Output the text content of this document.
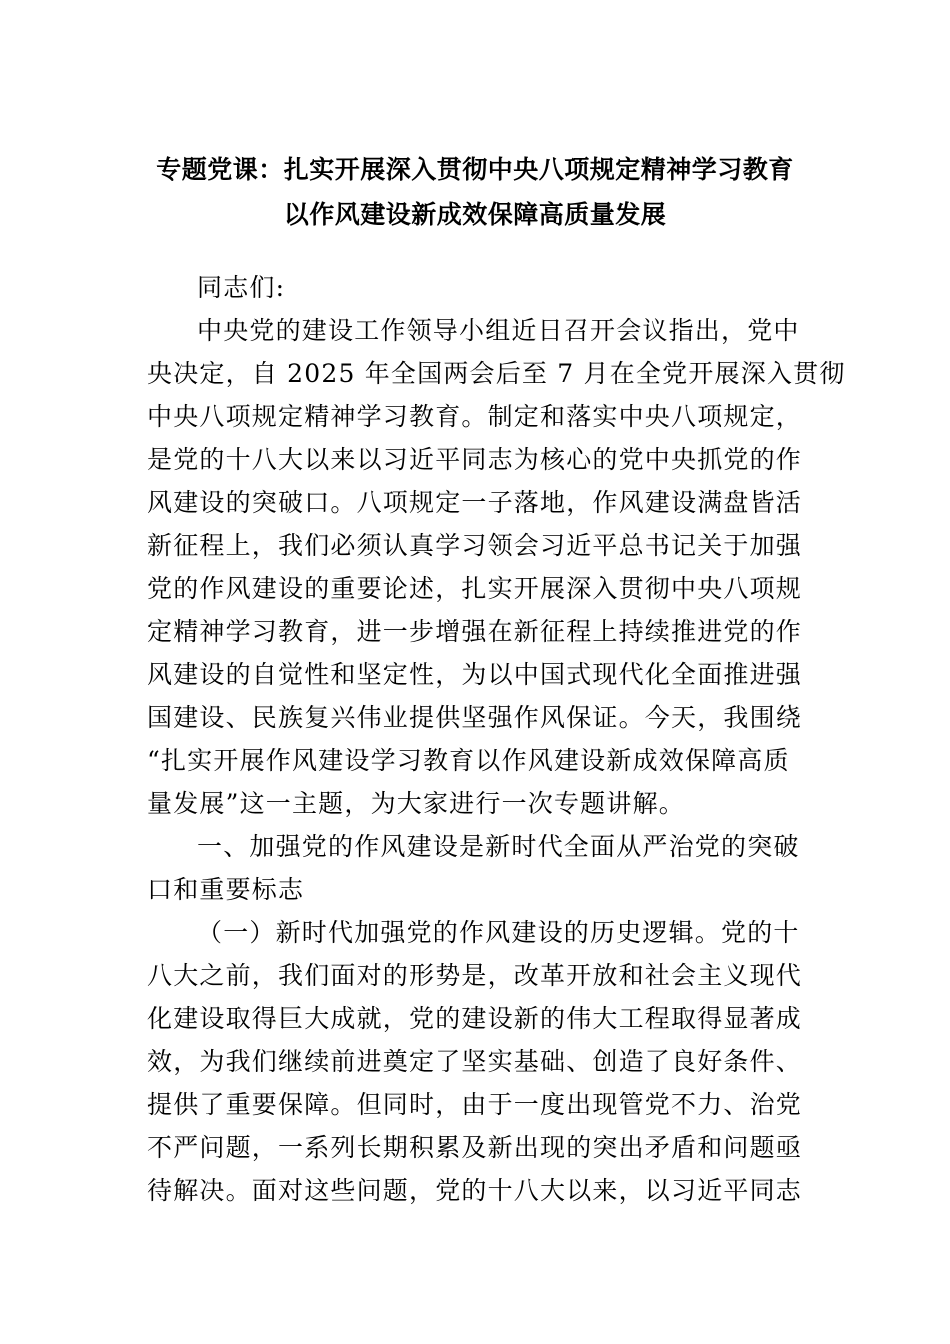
专题党课：扎实开展深入贯彻中央八项规定精神学习教育
以作风建设新成效保障高质量发展
同志们:
中央党的建设工作领导小组近日召开会议指出，党中
央决定，自 2025 年全国两会后至 7 月在全党开展深入贯彻
中央八项规定精神学习教育。制定和落实中央八项规定，
是党的十八大以来以习近平同志为核心的党中央抓党的作
风建设的突破口。八项规定一子落地，作风建设满盘皆活
新征程上，我们必须认真学习领会习近平总书记关于加强
党的作风建设的重要论述，扎实开展深入贯彻中央八项规
定精神学习教育，进一步增强在新征程上持续推进党的作
风建设的自觉性和坚定性，为以中国式现代化全面推进强
国建设、民族复兴伟业提供坚强作风保证。今天，我围绕
“扎实开展作风建设学习教育以作风建设新成效保障高质
量发展”这一主题，为大家进行一次专题讲解。
一、加强党的作风建设是新时代全面从严治党的突破
口和重要标志
（一）新时代加强党的作风建设的历史逻辑。党的十
八大之前，我们面对的形势是，改革开放和社会主义现代
化建设取得巨大成就，党的建设新的伟大工程取得显著成
效，为我们继续前进奠定了坚实基础、创造了良好条件、
提供了重要保障。但同时，由于一度出现管党不力、治党
不严问题，一系列长期积累及新出现的突出矛盾和问题亟
待解决。面对这些问题，党的十八大以来，以习近平同志
